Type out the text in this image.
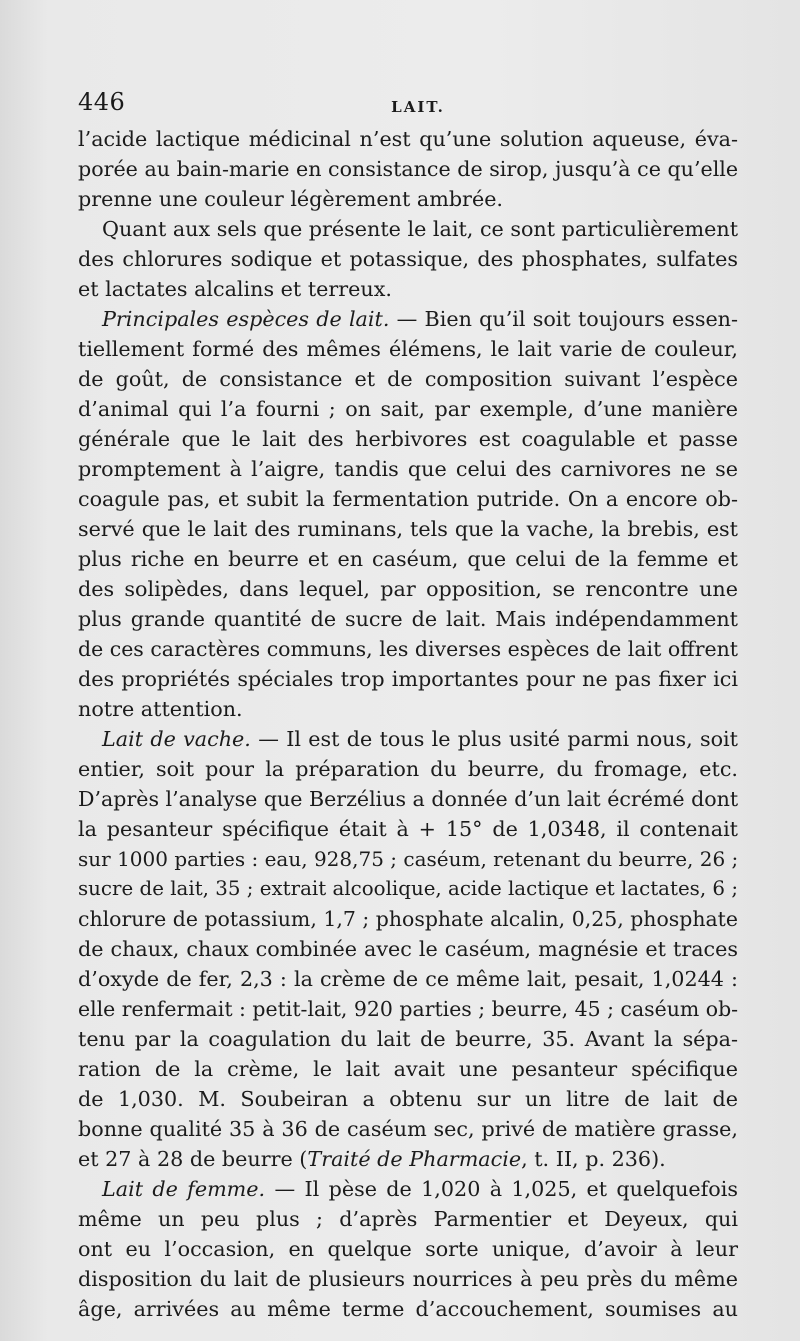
446	LAIT.
l’acide lactique médicinal n’est qu’une solution aqueuse, éva-
porée au bain-marie en consistance de sirop, jusqu’à ce qu’elle
prenne une couleur légèrement ambrée.
Quant aux sels que présente le lait, ce sont particulièrement
des chlorures sodique et potassique, des phosphates, sulfates
et lactates alcalins et terreux.
Principales espèces de lait. — Bien qu’il soit toujours essen-
tiellement formé des mêmes élémens, le lait varie de couleur,
de goût, de consistance et de composition suivant l’espèce
d’animal qui l’a fourni ; on sait, par exemple, d’une manière
générale que le lait des herbivores est coagulable et passe
promptement à l’aigre, tandis que celui des carnivores ne se
coagule pas, et subit la fermentation putride. On a encore ob-
servé que le lait des ruminans, tels que la vache, la brebis, est
plus riche en beurre et en caséum, que celui de la femme et
des solipèdes, dans lequel, par opposition, se rencontre une
plus grande quantité de sucre de lait. Mais indépendamment
de ces caractères communs, les diverses espèces de lait offrent
des propriétés spéciales trop importantes pour ne pas fixer ici
notre attention.
Lait de vache. — Il est de tous le plus usité parmi nous, soit
entier, soit pour la préparation du beurre, du fromage, etc.
D’après l’analyse que Berzélius a donnée d’un lait écrémé dont
la pesanteur spécifique était à + 15° de 1,0348, il contenait
sur 1000 parties : eau, 928,75 ; caséum, retenant du beurre, 26 ;
sucre de lait, 35 ; extrait alcoolique, acide lactique et lactates, 6 ;
chlorure de potassium, 1,7 ; phosphate alcalin, 0,25, phosphate
de chaux, chaux combinée avec le caséum, magnésie et traces
d’oxyde de fer, 2,3 : la crème de ce même lait, pesait, 1,0244 :
elle renfermait : petit-lait, 920 parties ; beurre, 45 ; caséum ob-
tenu par la coagulation du lait de beurre, 35. Avant la sépa-
ration de la crème, le lait avait une pesanteur spécifique
de 1,030. M. Soubeiran a obtenu sur un litre de lait de
bonne qualité 35 à 36 de caséum sec, privé de matière grasse,
et 27 à 28 de beurre (Traité de Pharmacie, t. II, p. 236).
Lait de femme. — Il pèse de 1,020 à 1,025, et quelquefois
même un peu plus ; d’après Parmentier et Deyeux, qui
ont eu l’occasion, en quelque sorte unique, d’avoir à leur
disposition du lait de plusieurs nourrices à peu près du même
âge, arrivées au même terme d’accouchement, soumises au
